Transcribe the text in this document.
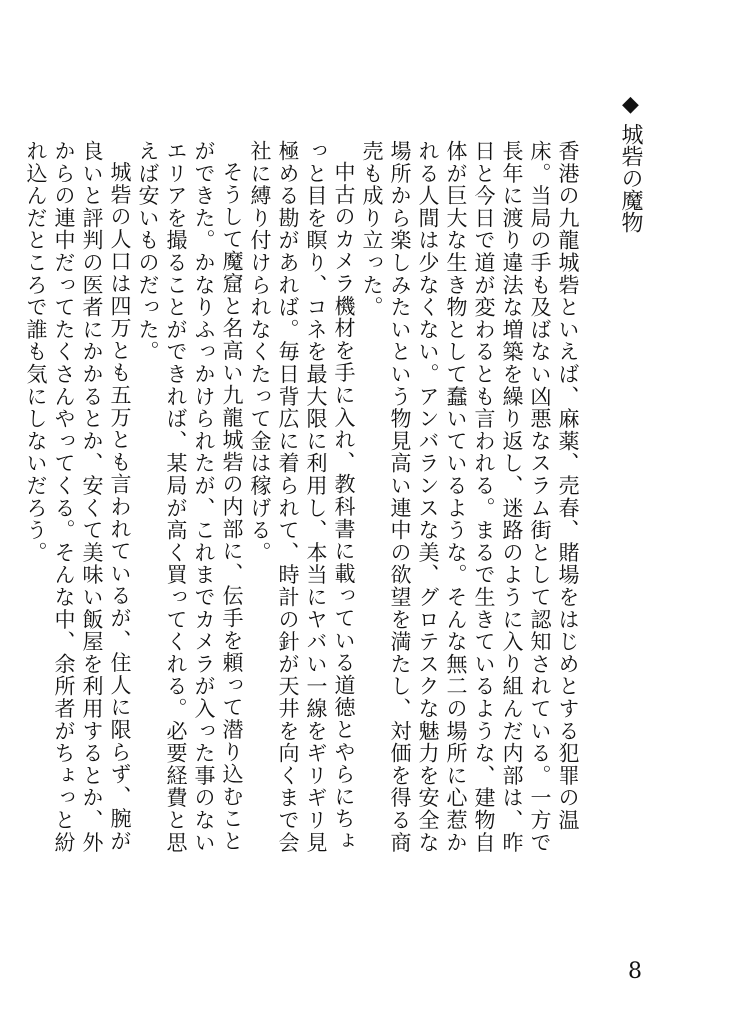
◆城砦の魔物

香港の九龍城砦といえば、麻薬、売春、賭場をはじめとする犯罪の温床。当局の手も及ばない凶悪なスラム街として認知されている。一方で長年に渡り違法な増築を繰り返し、迷路のように入り組んだ内部は、昨日と今日で道が変わるとも言われる。まるで生きているような、建物自体が巨大な生き物として蠢いているような。そんな無二の場所に心惹かれる人間は少なくない。アンバランスな美、グロテスクな魅力を安全な場所から楽しみたいという物見高い連中の欲望を満たし、対価を得る商売も成り立った。

中古のカメラ機材を手に入れ、教科書に載っている道徳とやらにちょっと目を瞑り、コネを最大限に利用し、本当にヤバい一線をギリギリ見極める勘があれば。毎日背広に着られて、時計の針が天井を向くまで会社に縛り付けられなくたって金は稼げる。

そうして魔窟と名高い九龍城砦の内部に、伝手を頼って潜り込むことができた。かなりふっかけられたが、これまでカメラが入った事のないエリアを撮ることができれば、某局が高く買ってくれる。必要経費と思えば安いものだった。

城砦の人口は四万とも五万とも言われているが、住人に限らず、腕が良いと評判の医者にかかるとか、安くて美味い飯屋を利用するとか、外からの連中だってたくさんやってくる。そんな中、余所者がちょっと紛れ込んだところで誰も気にしないだろう。

8
